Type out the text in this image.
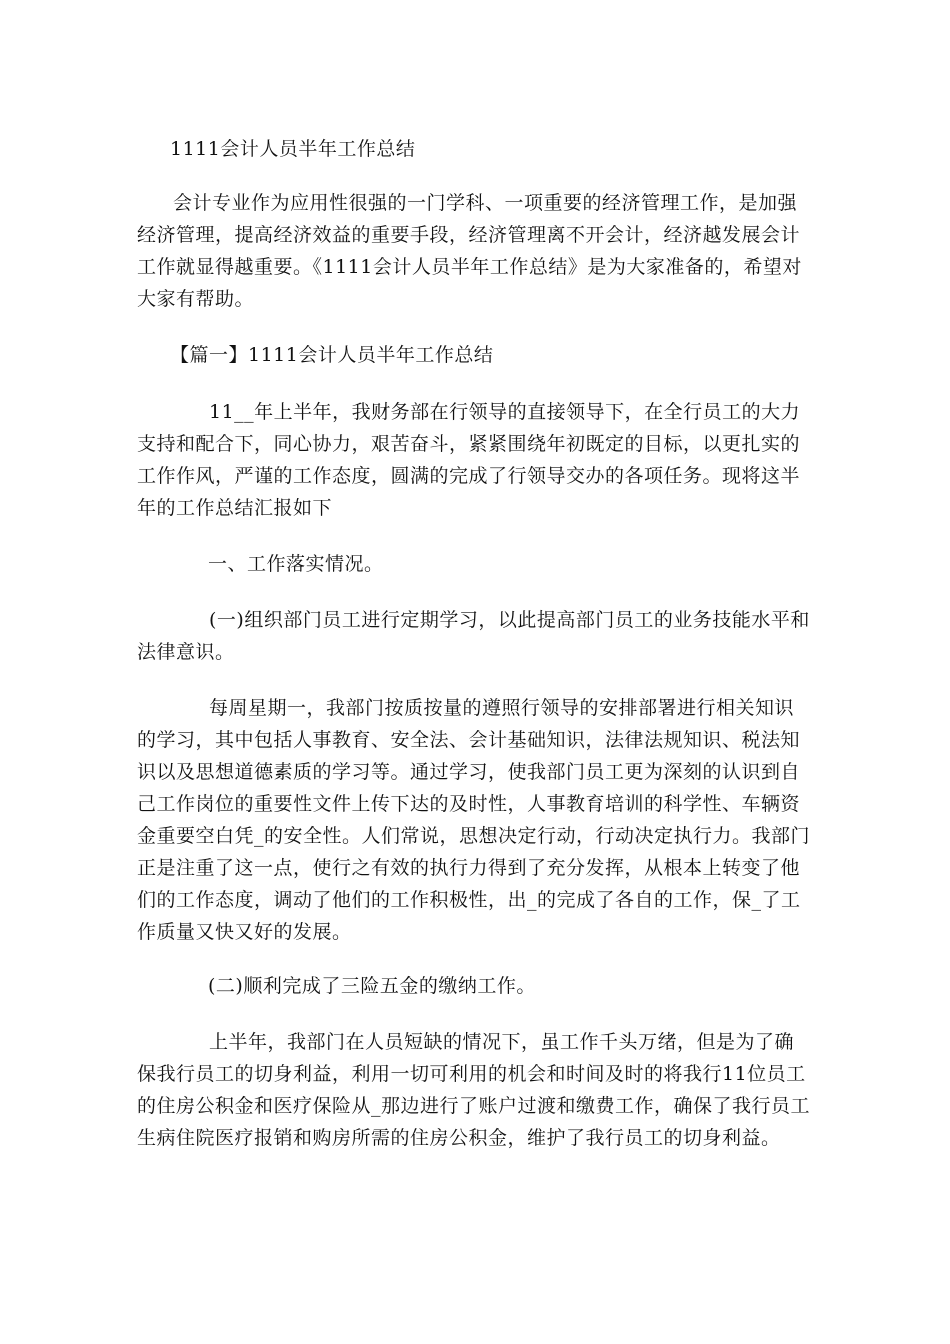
1111会计人员半年工作总结

会计专业作为应用性很强的一门学科、一项重要的经济管理工作，是加强经济管理，提高经济效益的重要手段，经济管理离不开会计，经济越发展会计工作就显得越重要。《1111会计人员半年工作总结》是为大家准备的，希望对大家有帮助。

【篇一】1111会计人员半年工作总结

11__年上半年，我财务部在行领导的直接领导下，在全行员工的大力支持和配合下，同心协力，艰苦奋斗，紧紧围绕年初既定的目标，以更扎实的工作作风，严谨的工作态度，圆满的完成了行领导交办的各项任务。现将这半年的工作总结汇报如下

一、工作落实情况。

(一)组织部门员工进行定期学习，以此提高部门员工的业务技能水平和法律意识。

每周星期一，我部门按质按量的遵照行领导的安排部署进行相关知识的学习，其中包括人事教育、安全法、会计基础知识，法律法规知识、税法知识以及思想道德素质的学习等。通过学习，使我部门员工更为深刻的认识到自己工作岗位的重要性文件上传下达的及时性，人事教育培训的科学性、车辆资金重要空白凭_的安全性。人们常说，思想决定行动，行动决定执行力。我部门正是注重了这一点，使行之有效的执行力得到了充分发挥，从根本上转变了他们的工作态度，调动了他们的工作积极性，出_的完成了各自的工作，保_了工作质量又快又好的发展。

(二)顺利完成了三险五金的缴纳工作。

上半年，我部门在人员短缺的情况下，虽工作千头万绪，但是为了确保我行员工的切身利益，利用一切可利用的机会和时间及时的将我行11位员工的住房公积金和医疗保险从_那边进行了账户过渡和缴费工作，确保了我行员工生病住院医疗报销和购房所需的住房公积金，维护了我行员工的切身利益。
